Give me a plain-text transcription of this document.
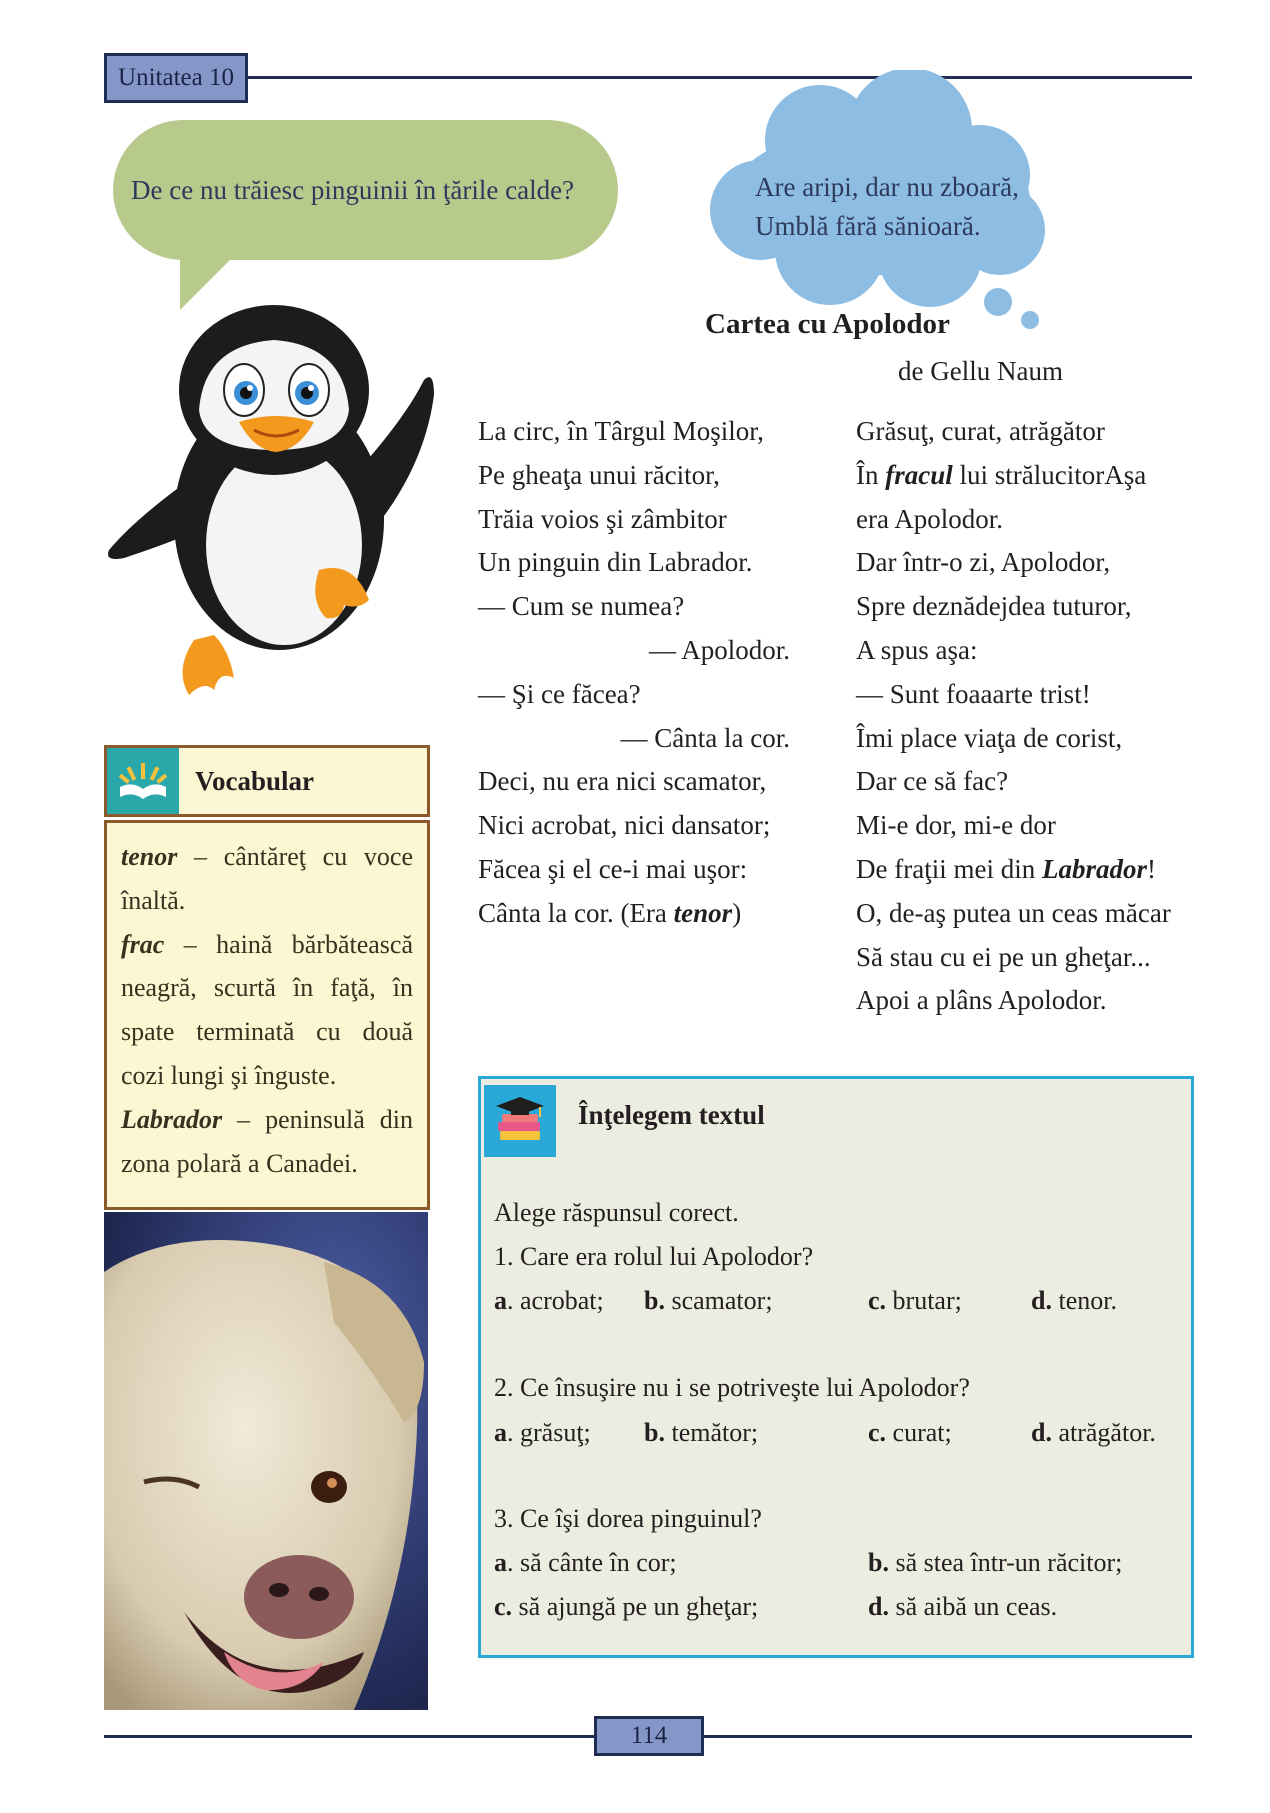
Unitatea 10
De ce nu trăiesc pinguinii în ţările calde?	Are aripi, dar nu zboară,
Umblă fără sănioară.
Cartea cu Apolodor
de Gellu Naum
La circ, în Târgul Moşilor,
Pe gheaţa unui răcitor,
Trăia voios şi zâmbitor
Un pinguin din Labrador.
— Cum se numea?
— Apolodor.
— Şi ce făcea?
— Cânta la cor.
Deci, nu era nici scamator,
Nici acrobat, nici dansator;
Făcea şi el ce-i mai uşor:
Cânta la cor. (Era tenor)
Grăsuţ, curat, atrăgător
În fracul lui strălucitorAşa
era Apolodor.
Dar într-o zi, Apolodor,
Spre deznădejdea tuturor,
A spus aşa:
— Sunt foaaarte trist!
Îmi place viaţa de corist,
Dar ce să fac?
Mi-e dor, mi-e dor
De fraţii mei din Labrador!
O, de-aş putea un ceas măcar
Să stau cu ei pe un gheţar...
Apoi a plâns Apolodor.
Vocabular

tenor – cântăreţ cu voce înaltă.

frac – haină bărbătească neagră, scurtă în faţă, în spate terminată cu două cozi lungi şi înguste.

Labrador – peninsulă din zona polară a Canadei.

Înţelegem textul
Alege răspunsul corect.
1. Care era rolul lui Apolodor?
a. acrobat; b. scamator;	c. brutar;	d. tenor.
2. Ce însuşire nu i se potriveşte lui Apolodor?
a. grăsuţ; b. temător;	c. curat;	d. atrăgător.
3. Ce îşi dorea pinguinul?
a. să cânte în cor;	b. să stea într-un răcitor;
c. să ajungă pe un gheţar;	d. să aibă un ceas.
114
